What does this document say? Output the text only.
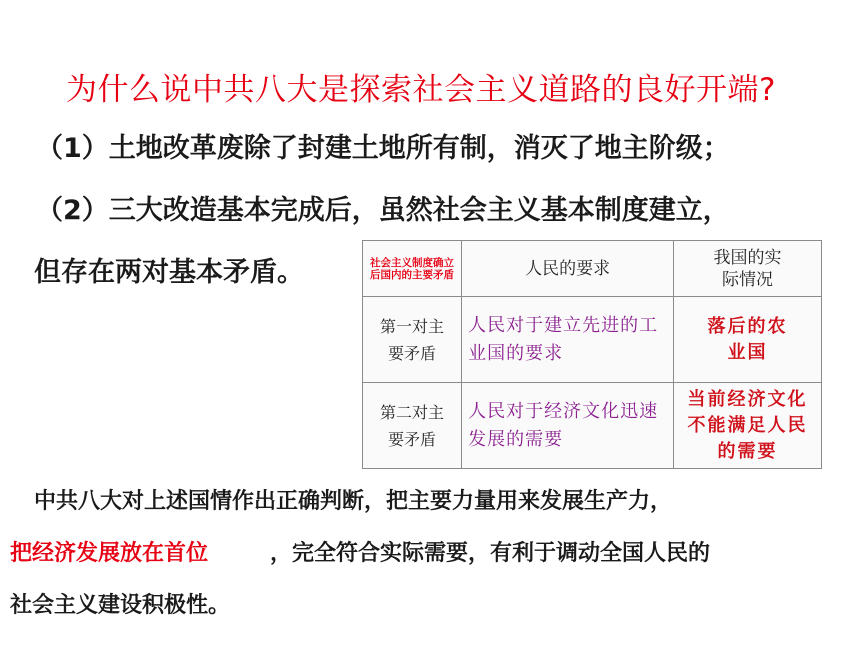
为什么说中共八大是探索社会主义道路的良好开端?
（1）土地改革废除了封建土地所有制，消灭了地主阶级；
（2）三大改造基本完成后，虽然社会主义基本制度建立，
但存在两对基本矛盾。	社会主义制度确立后国内的主要矛盾	人民的要求	我国的实际情况

第一对主要矛盾	人民对于建立先进的工业国的要求	落后的农业国

第二对主要矛盾	人民对于经济文化迅速发展的需要	当前经济文化不能满足人民的需要
中共八大对上述国情作出正确判断，把主要力量用来发展生产力，
把经济发展放在首位	，完全符合实际需要，有利于调动全国人民的
社会主义建设积极性。
